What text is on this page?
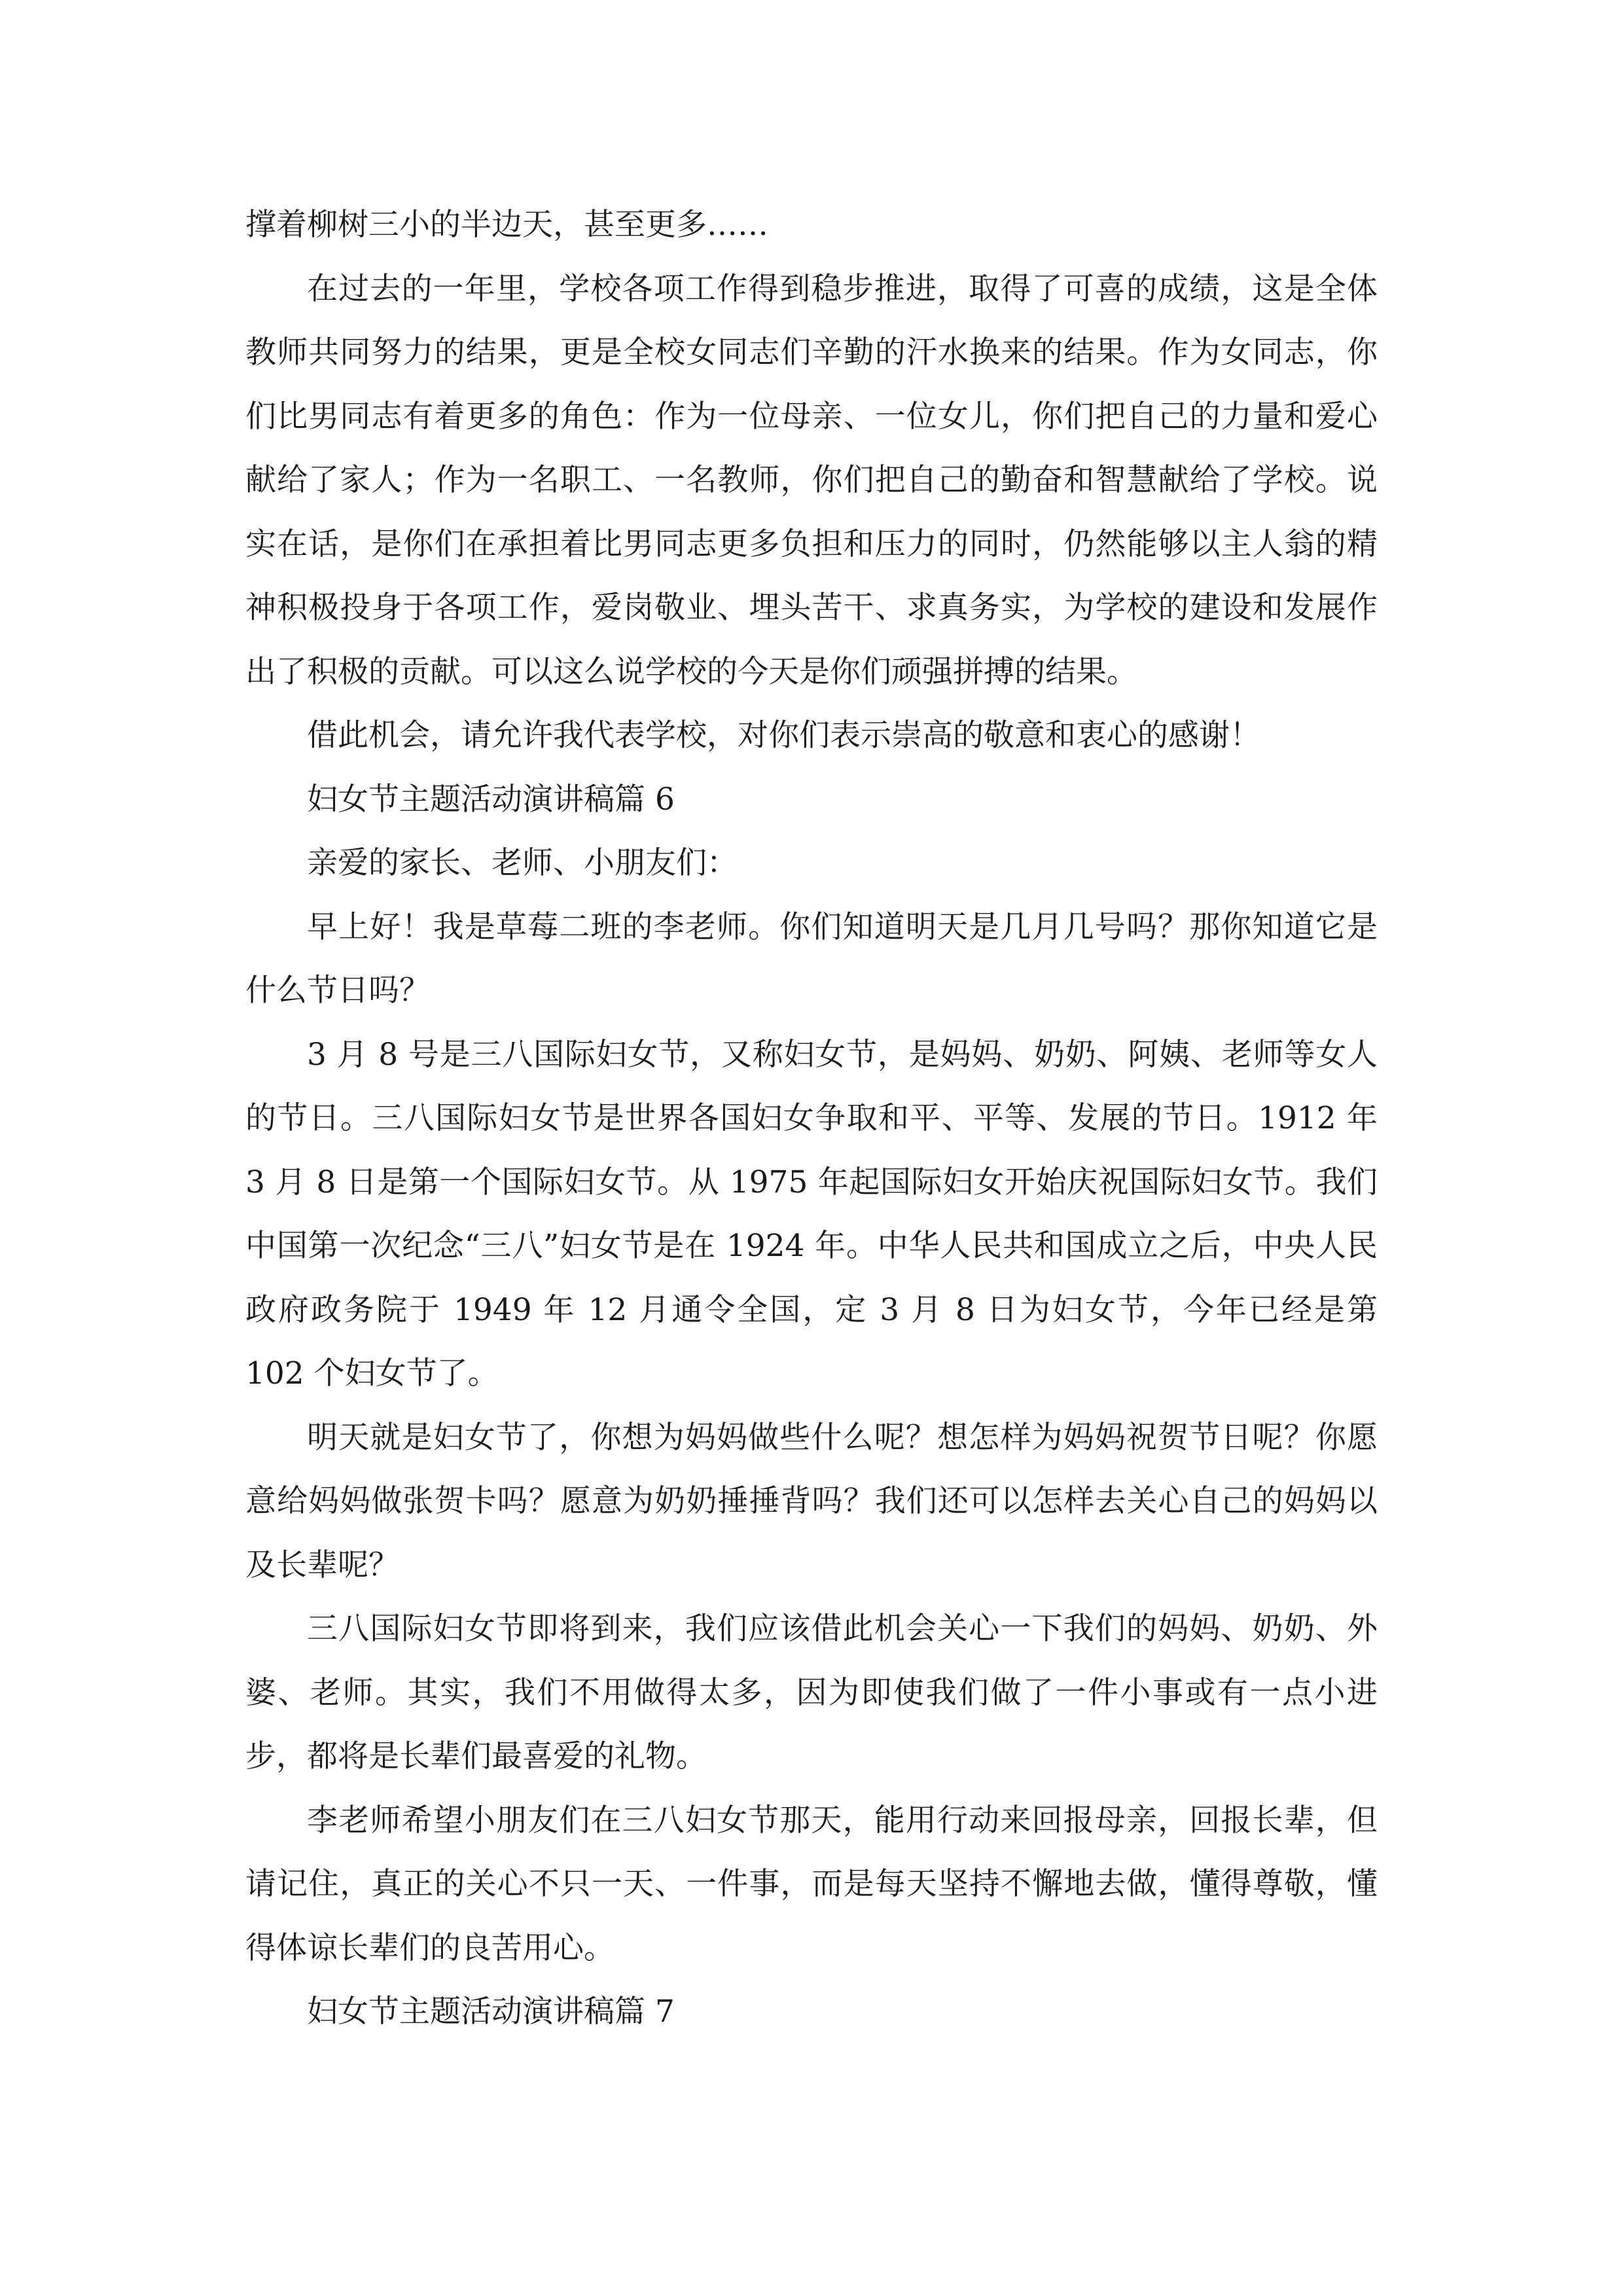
撑着柳树三小的半边天，甚至更多……

在过去的一年里，学校各项工作得到稳步推进，取得了可喜的成绩，这是全体教师共同努力的结果，更是全校女同志们辛勤的汗水换来的结果。作为女同志，你们比男同志有着更多的角色：作为一位母亲、一位女儿，你们把自己的力量和爱心献给了家人；作为一名职工、一名教师，你们把自己的勤奋和智慧献给了学校。说实在话，是你们在承担着比男同志更多负担和压力的同时，仍然能够以主人翁的精神积极投身于各项工作，爱岗敬业、埋头苦干、求真务实，为学校的建设和发展作出了积极的贡献。可以这么说学校的今天是你们顽强拼搏的结果。

借此机会，请允许我代表学校，对你们表示崇高的敬意和衷心的感谢！

妇女节主题活动演讲稿篇 6

亲爱的家长、老师、小朋友们：

早上好！我是草莓二班的李老师。你们知道明天是几月几号吗？那你知道它是什么节日吗？

3 月 8 号是三八国际妇女节，又称妇女节，是妈妈、奶奶、阿姨、老师等女人的节日。三八国际妇女节是世界各国妇女争取和平、平等、发展的节日。1912 年 3 月 8 日是第一个国际妇女节。从 1975 年起国际妇女开始庆祝国际妇女节。我们中国第一次纪念“三八”妇女节是在 1924 年。中华人民共和国成立之后，中央人民政府政务院于 1949 年 12 月通令全国，定 3 月 8 日为妇女节，今年已经是第 102 个妇女节了。

明天就是妇女节了，你想为妈妈做些什么呢？想怎样为妈妈祝贺节日呢？你愿意给妈妈做张贺卡吗？愿意为奶奶捶捶背吗？我们还可以怎样去关心自己的妈妈以及长辈呢？

三八国际妇女节即将到来，我们应该借此机会关心一下我们的妈妈、奶奶、外婆、老师。其实，我们不用做得太多，因为即使我们做了一件小事或有一点小进步，都将是长辈们最喜爱的礼物。

李老师希望小朋友们在三八妇女节那天，能用行动来回报母亲，回报长辈，但请记住，真正的关心不只一天、一件事，而是每天坚持不懈地去做，懂得尊敬，懂得体谅长辈们的良苦用心。

妇女节主题活动演讲稿篇 7
